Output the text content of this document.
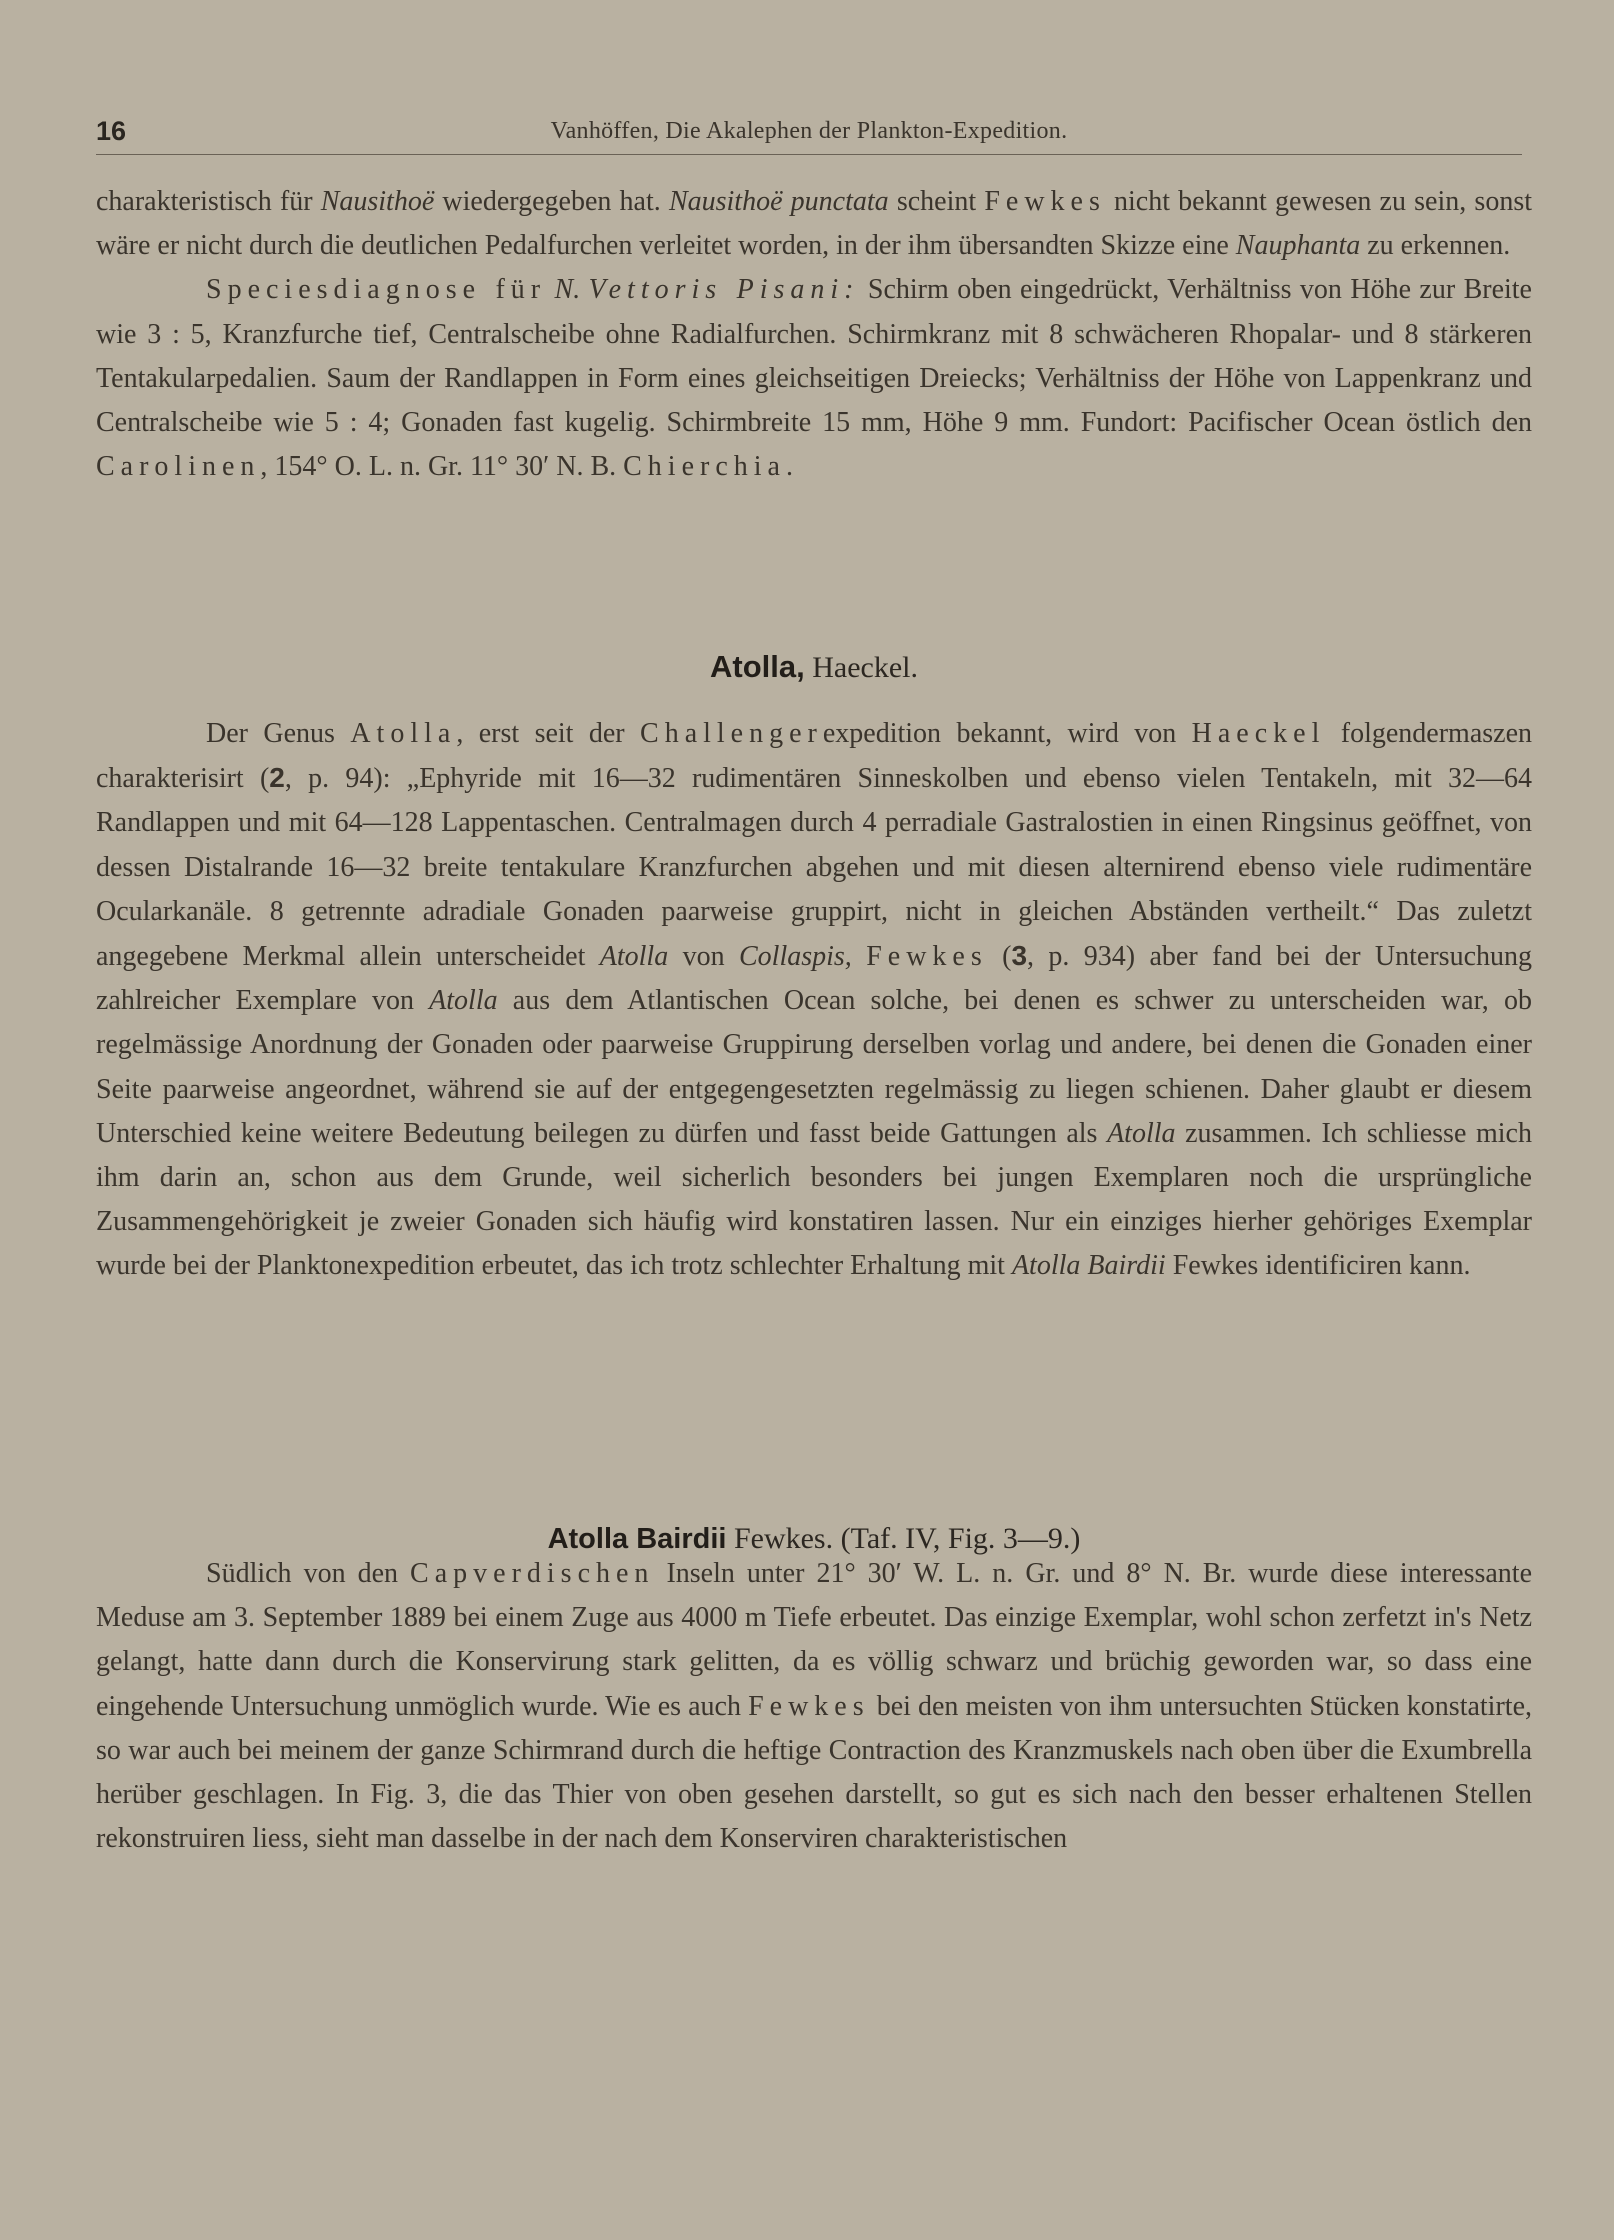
16	Vanhöffen, Die Akalephen der Plankton-Expedition.

charakteristisch für Nausithoë wiedergegeben hat. Nausithoë punctata scheint Fewkes nicht bekannt gewesen zu sein, sonst wäre er nicht durch die deutlichen Pedalfurchen verleitet worden, in der ihm übersandten Skizze eine Nauphanta zu erkennen.

Speciesdiagnose für N. Vettoris Pisani: Schirm oben eingedrückt, Verhältniss von Höhe zur Breite wie 3 : 5, Kranzfurche tief, Centralscheibe ohne Radialfurchen. Schirmkranz mit 8 schwächeren Rhopalar- und 8 stärkeren Tentakularpedalien. Saum der Randlappen in Form eines gleichseitigen Dreiecks; Verhältniss der Höhe von Lappenkranz und Centralscheibe wie 5 : 4; Gonaden fast kugelig. Schirmbreite 15 mm, Höhe 9 mm. Fundort: Pacifischer Ocean östlich den Carolinen, 154° O. L. n. Gr. 11° 30′ N. B. Chierchia.

Atolla, Haeckel.

Der Genus Atolla, erst seit der Challengerexpedition bekannt, wird von Haeckel folgendermaszen charakterisirt (2, p. 94): „Ephyride mit 16—32 rudimentären Sinneskolben und ebenso vielen Tentakeln, mit 32—64 Randlappen und mit 64—128 Lappentaschen. Centralmagen durch 4 perradiale Gastralostien in einen Ringsinus geöffnet, von dessen Distalrande 16—32 breite tentakulare Kranzfurchen abgehen und mit diesen alternirend ebenso viele rudimentäre Ocularkanäle. 8 getrennte adradiale Gonaden paarweise gruppirt, nicht in gleichen Abständen vertheilt.“ Das zuletzt angegebene Merkmal allein unterscheidet Atolla von Collaspis, Fewkes (3, p. 934) aber fand bei der Untersuchung zahlreicher Exemplare von Atolla aus dem Atlantischen Ocean solche, bei denen es schwer zu unterscheiden war, ob regelmässige Anordnung der Gonaden oder paarweise Gruppirung derselben vorlag und andere, bei denen die Gonaden einer Seite paarweise angeordnet, während sie auf der entgegengesetzten regelmässig zu liegen schienen. Daher glaubt er diesem Unterschied keine weitere Bedeutung beilegen zu dürfen und fasst beide Gattungen als Atolla zusammen. Ich schliesse mich ihm darin an, schon aus dem Grunde, weil sicherlich besonders bei jungen Exemplaren noch die ursprüngliche Zusammengehörigkeit je zweier Gonaden sich häufig wird konstatiren lassen. Nur ein einziges hierher gehöriges Exemplar wurde bei der Planktonexpedition erbeutet, das ich trotz schlechter Erhaltung mit Atolla Bairdii Fewkes identificiren kann.

Atolla Bairdii Fewkes. (Taf. IV, Fig. 3—9.)

Südlich von den Capverdischen Inseln unter 21° 30′ W. L. n. Gr. und 8° N. Br. wurde diese interessante Meduse am 3. September 1889 bei einem Zuge aus 4000 m Tiefe erbeutet. Das einzige Exemplar, wohl schon zerfetzt in's Netz gelangt, hatte dann durch die Konservirung stark gelitten, da es völlig schwarz und brüchig geworden war, so dass eine eingehende Untersuchung unmöglich wurde. Wie es auch Fewkes bei den meisten von ihm untersuchten Stücken konstatirte, so war auch bei meinem der ganze Schirmrand durch die heftige Contraction des Kranzmuskels nach oben über die Exumbrella herüber geschlagen. In Fig. 3, die das Thier von oben gesehen darstellt, so gut es sich nach den besser erhaltenen Stellen rekonstruiren liess, sieht man dasselbe in der nach dem Konserviren charakteristischen
